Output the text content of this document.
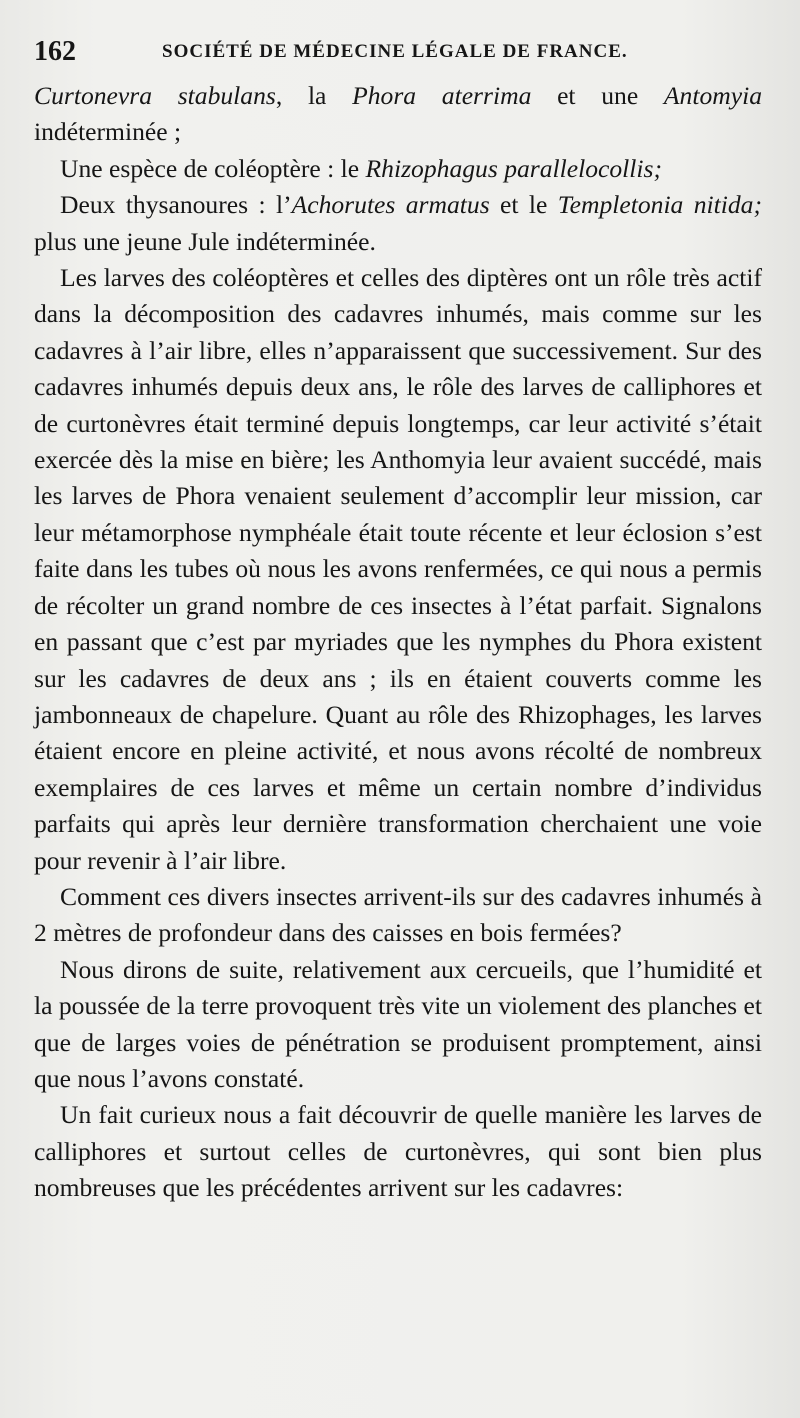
162	SOCIÉTÉ DE MÉDECINE LÉGALE DE FRANCE.

Curtonevra stabulans, la Phora aterrima et une Antomyia indéterminée ;

Une espèce de coléoptère : le Rhizophagus parallelocollis;

Deux thysanoures : l’Achorutes armatus et le Templetonia nitida; plus une jeune Jule indéterminée.

Les larves des coléoptères et celles des diptères ont un rôle très actif dans la décomposition des cadavres inhumés, mais comme sur les cadavres à l’air libre, elles n’apparaissent que successivement. Sur des cadavres inhumés depuis deux ans, le rôle des larves de calliphores et de curtonèvres était terminé depuis longtemps, car leur activité s’était exercée dès la mise en bière; les Anthomyia leur avaient succédé, mais les larves de Phora venaient seulement d’accomplir leur mission, car leur métamorphose nymphéale était toute récente et leur éclosion s’est faite dans les tubes où nous les avons renfermées, ce qui nous a permis de récolter un grand nombre de ces insectes à l’état parfait. Signalons en passant que c’est par myriades que les nymphes du Phora existent sur les cadavres de deux ans ; ils en étaient couverts comme les jambonneaux de chapelure. Quant au rôle des Rhizophages, les larves étaient encore en pleine activité, et nous avons récolté de nombreux exemplaires de ces larves et même un certain nombre d’individus parfaits qui après leur dernière transformation cherchaient une voie pour revenir à l’air libre.

Comment ces divers insectes arrivent-ils sur des cadavres inhumés à 2 mètres de profondeur dans des caisses en bois fermées?

Nous dirons de suite, relativement aux cercueils, que l’humidité et la poussée de la terre provoquent très vite un violement des planches et que de larges voies de pénétration se produisent promptement, ainsi que nous l’avons constaté.

Un fait curieux nous a fait découvrir de quelle manière les larves de calliphores et surtout celles de curtonèvres, qui sont bien plus nombreuses que les précédentes arrivent sur les cadavres:
